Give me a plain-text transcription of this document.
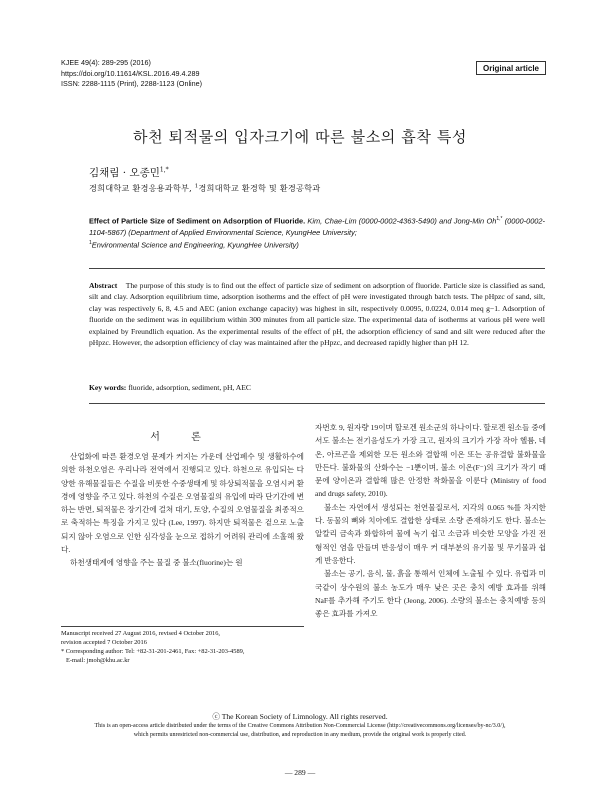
KJEE 49(4): 289-295 (2016)
https://doi.org/10.11614/KSL.2016.49.4.289
ISSN: 2288-1115 (Print), 2288-1123 (Online)
Original article
하천 퇴적물의 입자크기에 따른 불소의 흡착 특성
김채림 · 오종민$^{1,*}$
경희대학교 환경응용과학부, $^1$경희대학교 환경학 및 환경공학과
Effect of Particle Size of Sediment on Adsorption of Fluoride. Kim, Chae-Lim (0000-0002-4363-5490) and Jong-Min $Oh^{1,*}$ (0000-0002-1104-5867) (Department of Applied Environmental Science, KyungHee University;
$^1$Environmental Science and Engineering, KyungHee University)
Abstract The purpose of this study is to find out the effect of particle size of sediment on adsorption of fluoride. Particle size is classified as sand, silt and clay. Adsorption equilibrium time, adsorption isotherms and the effect of pH were investigated through batch tests. The pHpzc of sand, silt, clay was respectively 6, 8, 4.5 and AEC (anion exchange capacity) was highest in silt, respectively 0.0095, 0.0224, 0.014 meq g−1. Adsorption of fluoride on the sediment was in equilibrium within 300 minutes from all particle size. The experimental data of isotherms at various pH were well explained by Freundlich equation. As the experimental results of the effect of pH, the adsorption efficiency of sand and silt were reduced after the pHpzc. However, the adsorption efficiency of clay was maintained after the pHpzc, and decreased rapidly higher than pH 12.
Key words: fluoride, adsorption, sediment, pH, AEC
서 론

산업화에 따른 환경오염 문제가 커지는 가운데 산업폐수 및 생활하수에 의한 하천오염은 우리나라 전역에서 진행되고 있다. 하천으로 유입되는 다양한 유해물질들은 수질을 비롯한 수중생태계 및 하상퇴적물을 오염시켜 환경에 영향을 주고 있다. 하천의 수질은 오염물질의 유입에 따라 단기간에 변하는 반면, 퇴적물은 장기간에 걸쳐 대기, 토양, 수질의 오염물질을 최종적으로 축적하는 특징을 가지고 있다 (Lee, 1997). 하지만 퇴적물은 겉으로 노출되지 않아 오염으로 인한 심각성을 눈으로 접하기 어려워 관리에 소홀해 왔다.

하천생태계에 영향을 주는 물질 중 불소(fluorine)는 원

Manuscript received 27 August 2016, revised 4 October 2016,
revision accepted 7 October 2016
* Corresponding author: Tel: +82-31-201-2461, Fax: +82-31-203-4589,
E-mail: jmoh@khu.ac.kr

자번호 9, 원자량 19이며 할로겐 원소군의 하나이다. 할로겐 원소들 중에서도 불소는 전기음성도가 가장 크고, 원자의 크기가 가장 작아 헬륨, 네온, 아르곤을 제외한 모든 원소와 결합해 이온 또는 공유결합 불화물을 만든다. 불화물의 산화수는 −1뿐이며, 불소 이온(F⁻)의 크기가 작기 때문에 양이온과 결합해 많은 안정한 착화물을 이룬다 (Ministry of food and drugs safety, 2010).

불소는 자연에서 생성되는 천연물질로서, 지각의 0.065 %를 차지한다. 동물의 뼈와 치아에도 결합한 상태로 소량 존재하기도 한다. 불소는 알칼리 금속과 화합하여 물에 녹기 쉽고 소금과 비슷한 모양을 가진 전형적인 염을 만들며 반응성이 매우 커 대부분의 유기물 및 무기물과 쉽게 반응한다.

불소는 공기, 음식, 물, 흙을 통해서 인체에 노출될 수 있다. 유럽과 미국같이 상수원의 불소 농도가 매우 낮은 곳은 충치 예방 효과를 위해 NaF를 추가해 주기도 한다 (Jeong, 2006). 소량의 불소는 충치예방 등의 좋은 효과를 가져오

ⓒ The Korean Society of Limnology. All rights reserved.
This is an open-access article distributed under the terms of the Creative Commons Attribution Non-Commercial License (http://creativecommons.org/licenses/by-nc/3.0/),
which permits unrestricted non-commercial use, distribution, and reproduction in any medium, provide the original work is properly cited.
— 289 —
